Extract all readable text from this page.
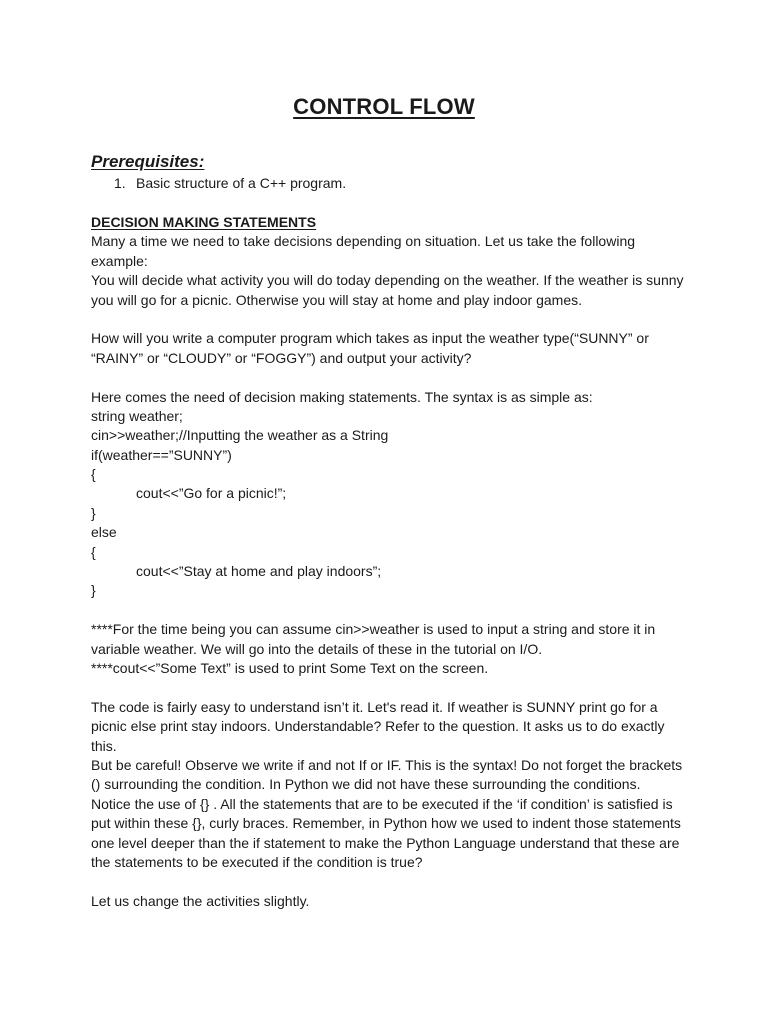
CONTROL FLOW
Prerequisites:
1. Basic structure of a C++ program.
DECISION MAKING STATEMENTS
Many a time we need to take decisions depending on situation. Let us take the following
example:
You will decide what activity you will do today depending on the weather. If the weather is sunny
you will go for a picnic. Otherwise you will stay at home and play indoor games.
How will you write a computer program which takes as input the weather type(“SUNNY” or
“RAINY” or “CLOUDY” or “FOGGY”) and output your activity?
Here comes the need of decision making statements. The syntax is as simple as:
string weather;
cin>>weather;//Inputting the weather as a String
if(weather==”SUNNY”)
{
cout<<”Go for a picnic!”;
}
else
{
cout<<”Stay at home and play indoors”;
}
****For the time being you can assume cin>>weather is used to input a string and store it in
variable weather. We will go into the details of these in the tutorial on I/O.
****cout<<”Some Text” is used to print Some Text on the screen.
The code is fairly easy to understand isn’t it. Let's read it. If weather is SUNNY print go for a
picnic else print stay indoors. Understandable? Refer to the question. It asks us to do exactly
this.
But be careful! Observe we write if and not If or IF. This is the syntax! Do not forget the brackets
() surrounding the condition. In Python we did not have these surrounding the conditions.
Notice the use of {} . All the statements that are to be executed if the ‘if condition’ is satisfied is
put within these {}, curly braces. Remember, in Python how we used to indent those statements
one level deeper than the if statement to make the Python Language understand that these are
the statements to be executed if the condition is true?
Let us change the activities slightly.
